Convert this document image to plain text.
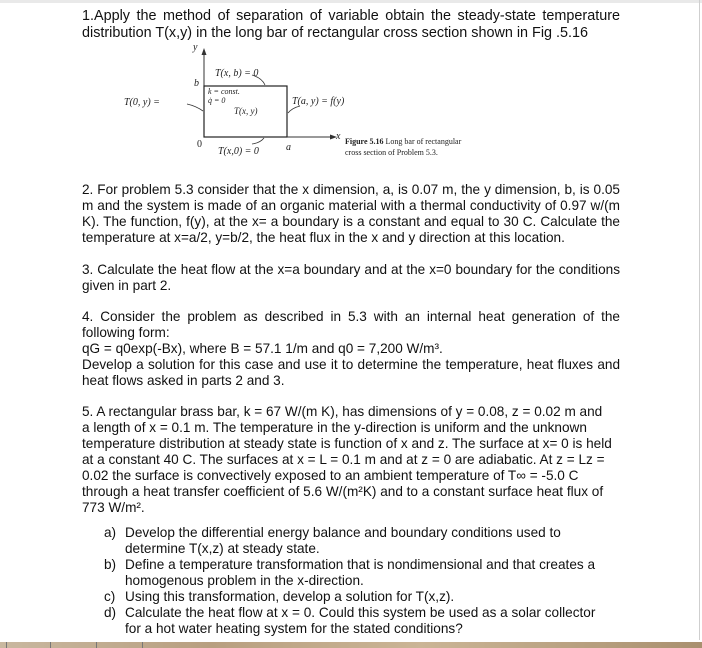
1.Apply the method of separation of variable obtain the steady-state temperature
distribution T(x,y) in the long bar of rectangular cross section shown in Fig .5.16
y
x
b
0	a
T(x, b) = 0
T(x,0) = 0
T(0, y) =	T(a, y) = f(y)
k = const.
q̇ = 0
T(x, y)
Figure 5.16 Long bar of rectangular
cross section of Problem 5.3.
2. For problem 5.3 consider that the x dimension, a, is 0.07 m, the y dimension, b, is 0.05
m and the system is made of an organic material with a thermal conductivity of 0.97 w/(m
K). The function, f(y), at the x= a boundary is a constant and equal to 30 C. Calculate the
temperature at x=a/2, y=b/2, the heat flux in the x and y direction at this location.
3. Calculate the heat flow at the x=a boundary and at the x=0 boundary for the conditions
given in part 2.
4. Consider the problem as described in 5.3 with an internal heat generation of the
following form:
qG = q0exp(-Bx), where B = 57.1 1/m and q0 = 7,200 W/m³.
Develop a solution for this case and use it to determine the temperature, heat fluxes and
heat flows asked in parts 2 and 3.
5. A rectangular brass bar, k = 67 W/(m K), has dimensions of y = 0.08, z = 0.02 m and
a length of x = 0.1 m. The temperature in the y-direction is uniform and the unknown
temperature distribution at steady state is function of x and z. The surface at x= 0 is held
at a constant 40 C. The surfaces at x = L = 0.1 m and at z = 0 are adiabatic. At z = Lz =
0.02 the surface is convectively exposed to an ambient temperature of T∞ = -5.0 C
through a heat transfer coefficient of 5.6 W/(m²K) and to a constant surface heat flux of
773 W/m².
a) Develop the differential energy balance and boundary conditions used to
determine T(x,z) at steady state.
b) Define a temperature transformation that is nondimensional and that creates a
homogenous problem in the x-direction.
c) Using this transformation, develop a solution for T(x,z).
d) Calculate the heat flow at x = 0. Could this system be used as a solar collector
for a hot water heating system for the stated conditions?
